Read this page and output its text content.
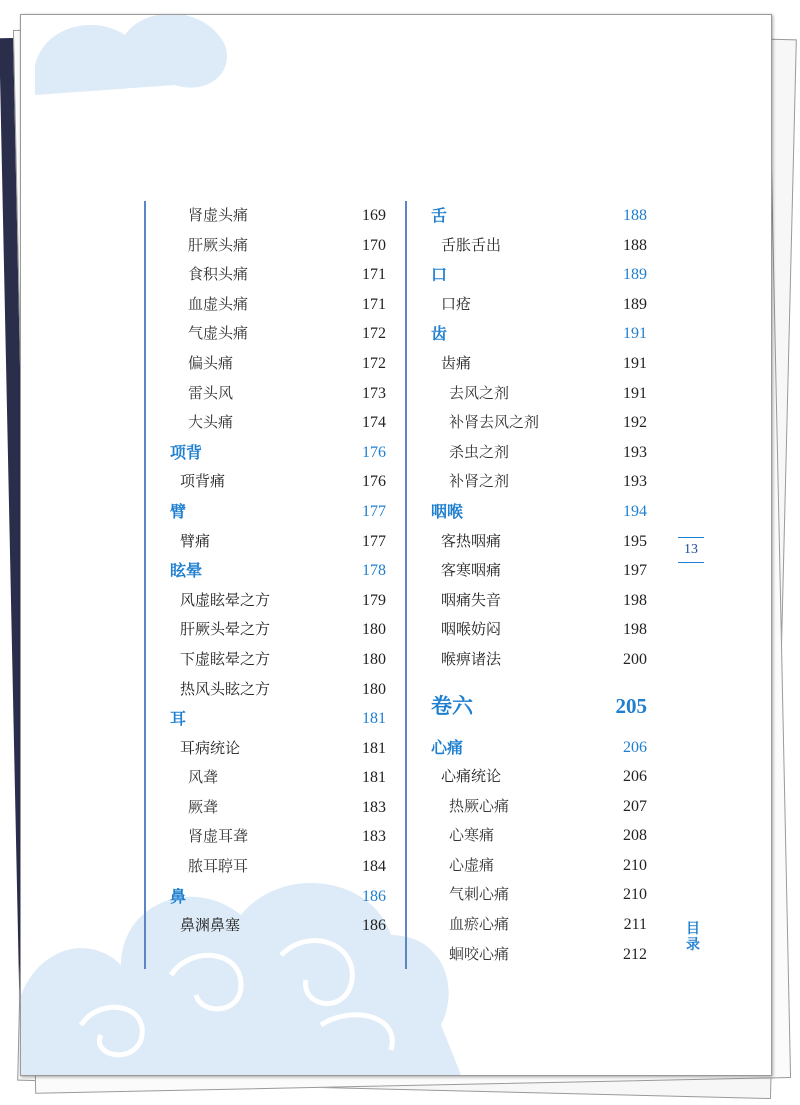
肾虚头痛	169
肝厥头痛	170
食积头痛	171
血虚头痛	171
气虚头痛	172
偏头痛	172
雷头风	173
大头痛	174
项背	176
项背痛	176
臂	177
臂痛	177
眩晕	178
风虚眩晕之方	179
肝厥头晕之方	180
下虚眩晕之方	180
热风头眩之方	180
耳	181
耳病统论	181
风聋	181
厥聋	183
肾虚耳聋	183
脓耳聤耳	184
鼻	186
鼻渊鼻塞	186
舌	188
舌胀舌出	188
口	189
口疮	189
齿	191
齿痛	191
去风之剂	191
补肾去风之剂	192
杀虫之剂	193
补肾之剂	193
咽喉	194
客热咽痛	195
客寒咽痛	197
咽痛失音	198
咽喉妨闷	198
喉痹诸法	200
卷六	205
心痛	206
心痛统论	206
热厥心痛	207
心寒痛	208
心虚痛	210
气刺心痛	210
血瘀心痛	211
蛔咬心痛	212
13
目
录
